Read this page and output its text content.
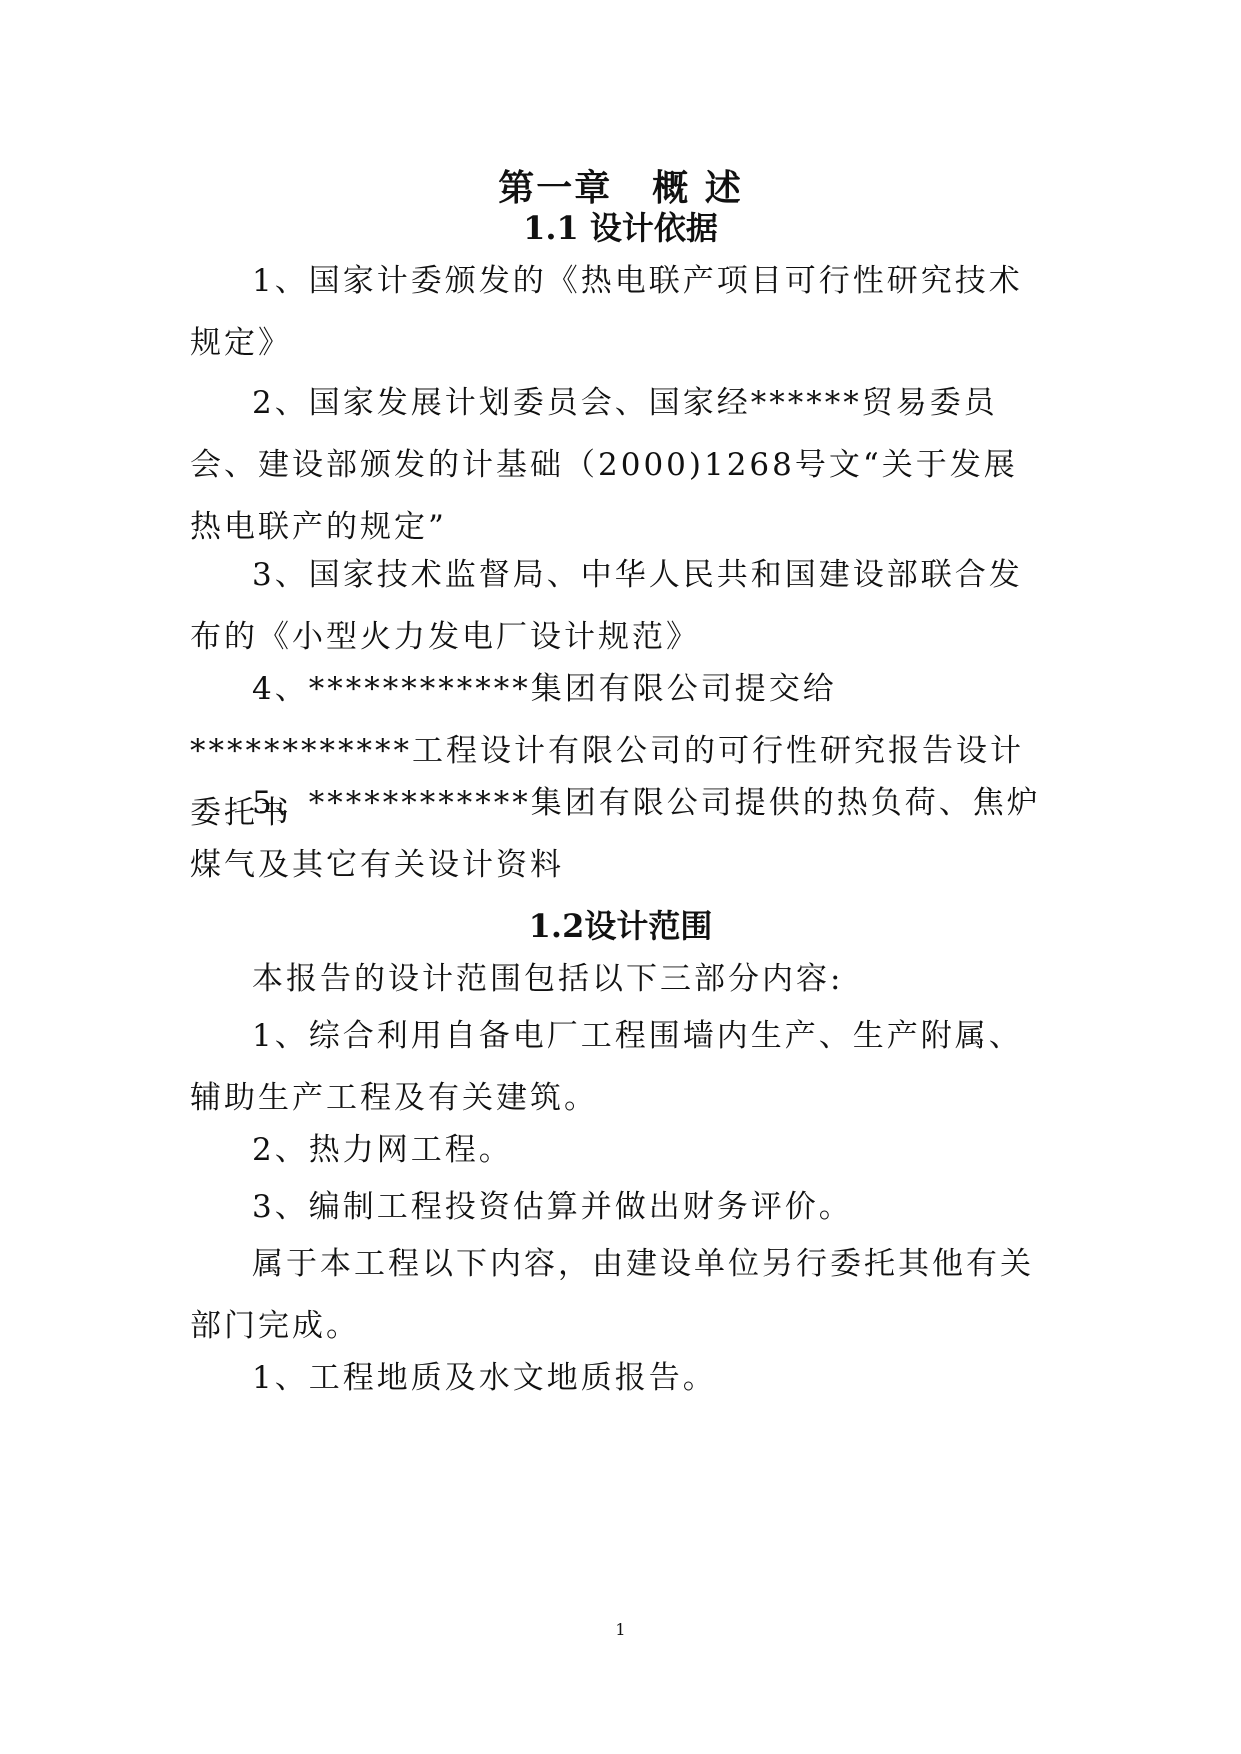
第一章 概 述
1.1 设计依据

1、国家计委颁发的《热电联产项目可行性研究技术规定》

2、国家发展计划委员会、国家经******贸易委员会、建设部颁发的计基础（2000)1268号文“关于发展热电联产的规定”

3、国家技术监督局、中华人民共和国建设部联合发布的《小型火力发电厂设计规范》

4、************集团有限公司提交给************工程设计有限公司的可行性研究报告设计委托书

5、************集团有限公司提供的热负荷、焦炉煤气及其它有关设计资料

1.2设计范围

本报告的设计范围包括以下三部分内容:

1、综合利用自备电厂工程围墙内生产、生产附属、辅助生产工程及有关建筑。

2、热力网工程。

3、编制工程投资估算并做出财务评价。

属于本工程以下内容，由建设单位另行委托其他有关部门完成。

1、工程地质及水文地质报告。

1
